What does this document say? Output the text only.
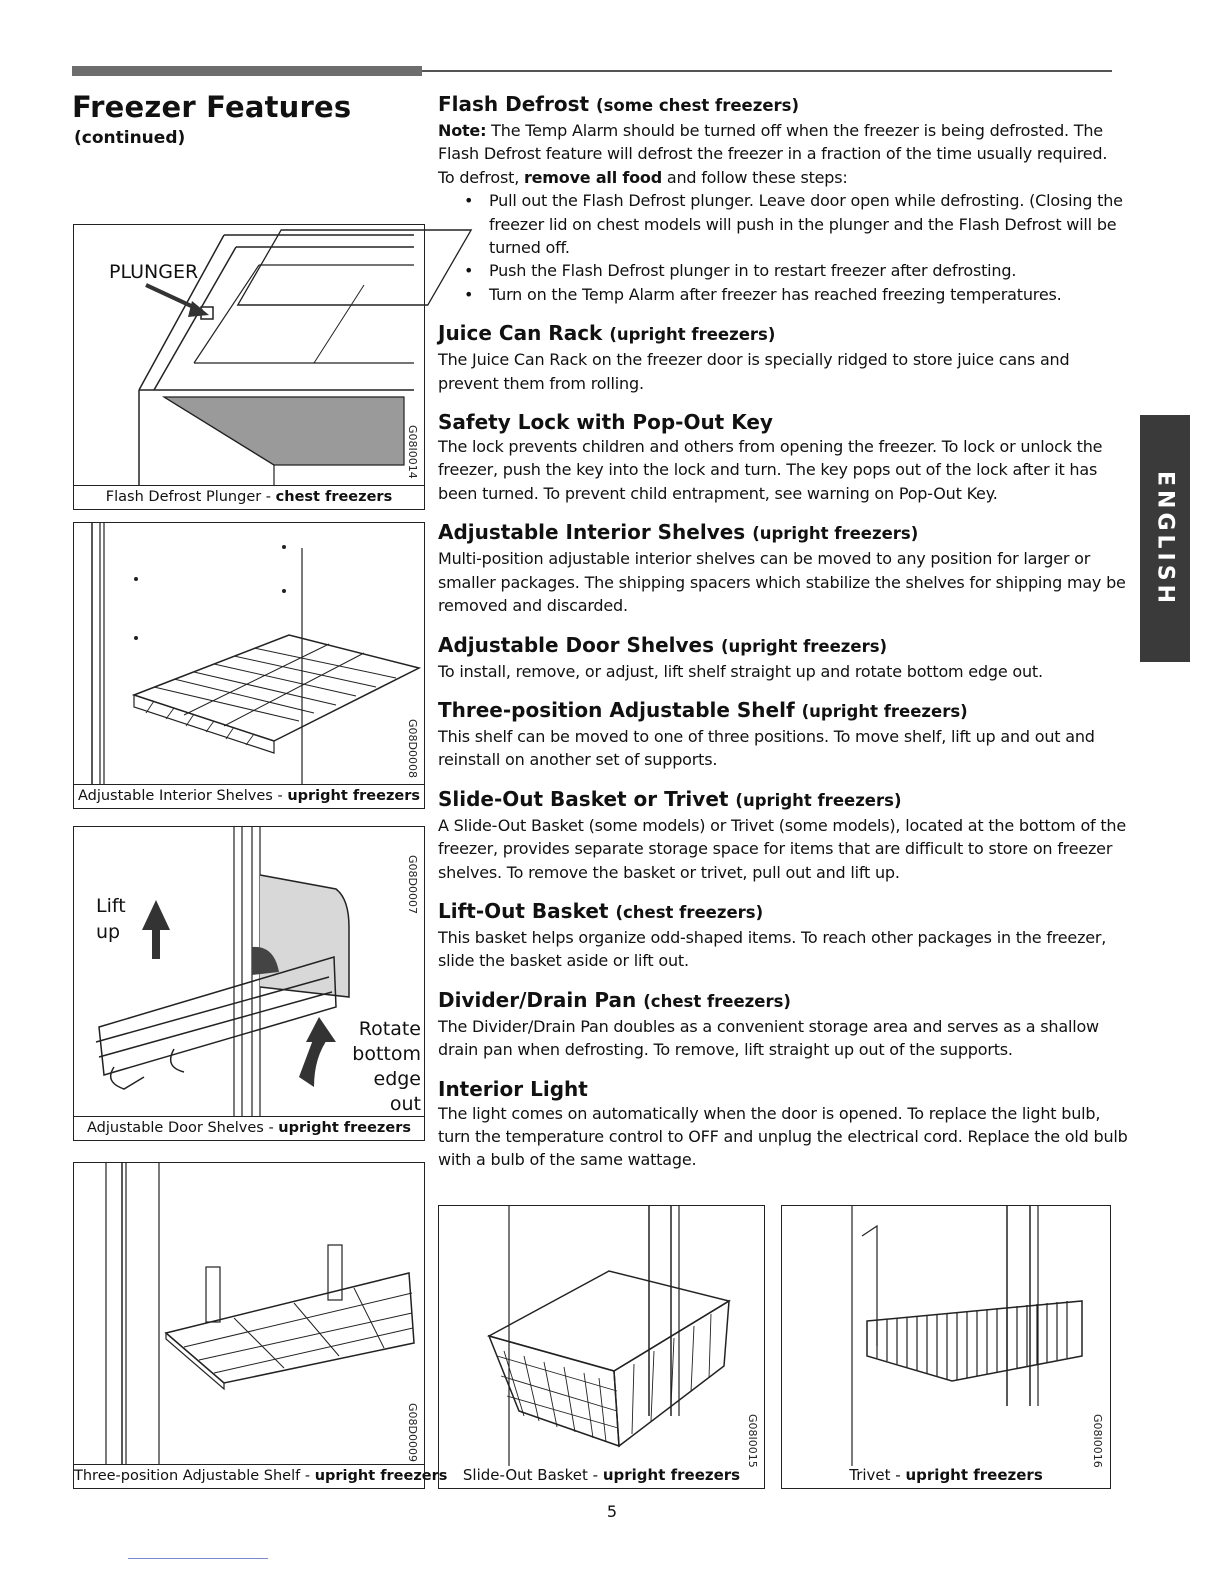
Freezer Features
(continued)
PLUNGER
G08I0014
Flash Defrost Plunger - chest freezers
G08D0008
Adjustable Interior Shelves - upright freezers
Lift
up
Rotate
bottom
edge out
G08D0007
Adjustable Door Shelves - upright freezers
G08D0009
Three-position Adjustable Shelf - upright freezers
Flash Defrost (some chest freezers)

Note: The Temp Alarm should be turned off when the freezer is being defrosted. The Flash Defrost feature will defrost the freezer in a fraction of the time usually required. To defrost, remove all food and follow these steps:

• Pull out the Flash Defrost plunger. Leave door open while defrosting. (Closing the freezer lid on chest models will push in the plunger and the Flash Defrost will be turned off.
• Push the Flash Defrost plunger in to restart freezer after defrosting.
• Turn on the Temp Alarm after freezer has reached freezing temperatures.
Juice Can Rack (upright freezers)

The Juice Can Rack on the freezer door is specially ridged to store juice cans and prevent them from rolling.

Safety Lock with Pop-Out Key

The lock prevents children and others from opening the freezer. To lock or unlock the freezer, push the key into the lock and turn. The key pops out of the lock after it has been turned. To prevent child entrapment, see warning on Pop-Out Key.

Adjustable Interior Shelves (upright freezers)

Multi-position adjustable interior shelves can be moved to any position for larger or smaller packages. The shipping spacers which stabilize the shelves for shipping may be removed and discarded.

Adjustable Door Shelves (upright freezers)

To install, remove, or adjust, lift shelf straight up and rotate bottom edge out.

Three-position Adjustable Shelf (upright freezers)

This shelf can be moved to one of three positions. To move shelf, lift up and out and reinstall on another set of supports.

Slide-Out Basket or Trivet (upright freezers)

A Slide-Out Basket (some models) or Trivet (some models), located at the bottom of the freezer, provides separate storage space for items that are difficult to store on freezer shelves. To remove the basket or trivet, pull out and lift up.

Lift-Out Basket (chest freezers)

This basket helps organize odd-shaped items. To reach other packages in the freezer, slide the basket aside or lift out.

Divider/Drain Pan (chest freezers)

The Divider/Drain Pan doubles as a convenient storage area and serves as a shallow drain pan when defrosting. To remove, lift straight up out of the supports.

Interior Light

The light comes on automatically when the door is opened. To replace the light bulb, turn the temperature control to OFF and unplug the electrical cord. Replace the old bulb with a bulb of the same wattage.

G08I0015
Slide-Out Basket - upright freezers
G08I0016
Trivet - upright freezers
ENGLISH
5
